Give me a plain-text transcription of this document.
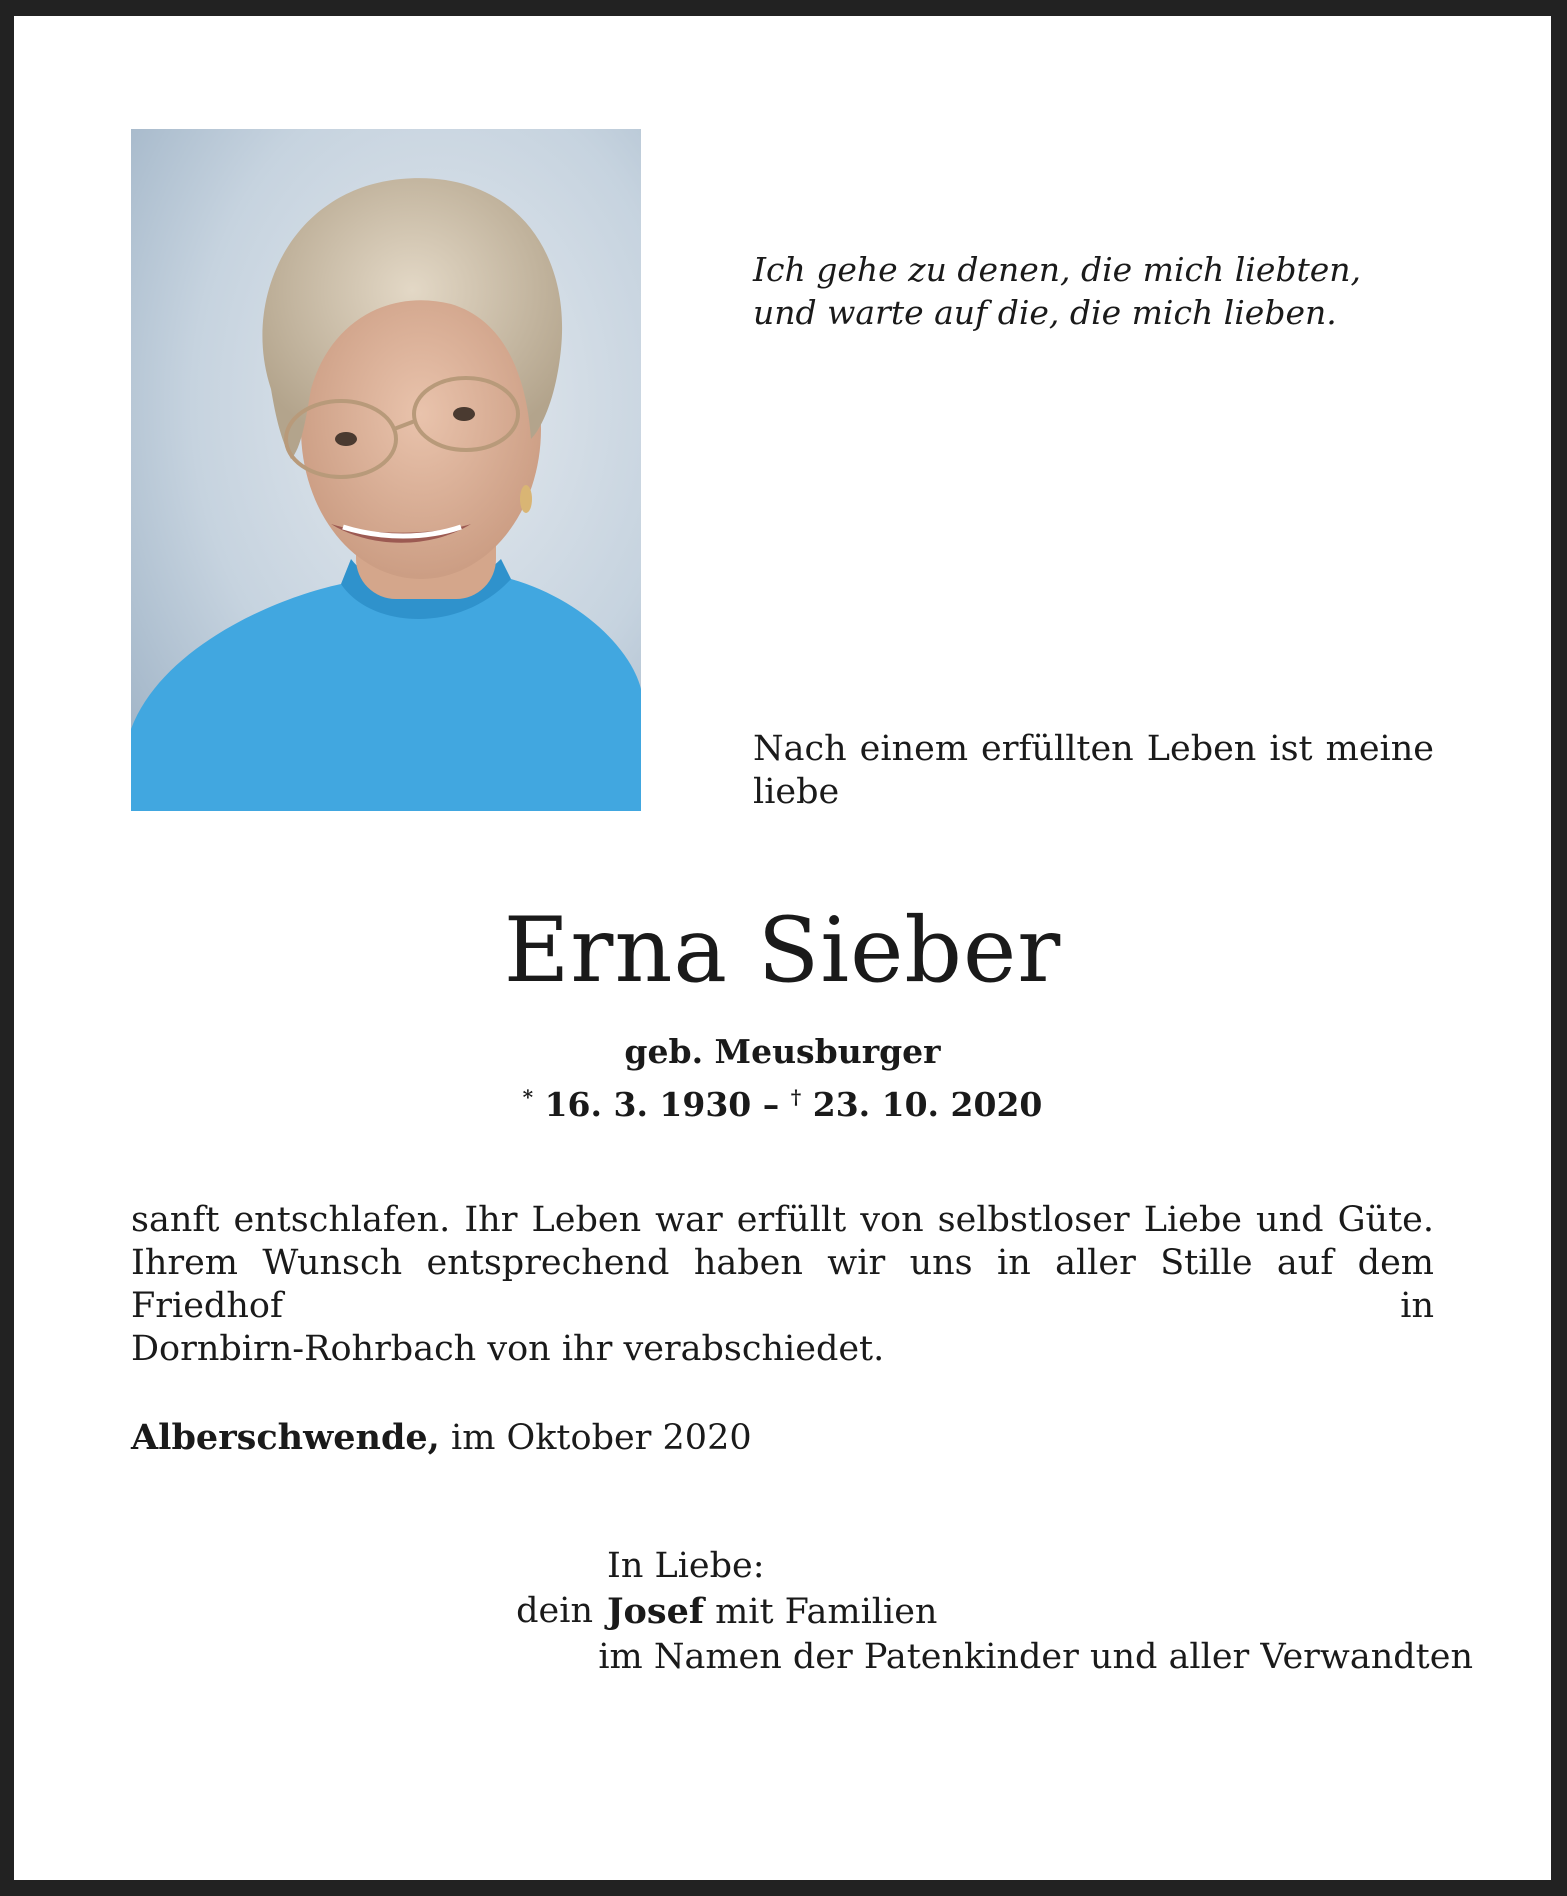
Ich gehe zu denen, die mich liebten,
und warte auf die, die mich lieben.
Nach einem erfüllten Leben ist meine
liebe
Erna Sieber
geb. Meusburger
* 16. 3. 1930 – † 23. 10. 2020
sanft entschlafen. Ihr Leben war erfüllt von selbstloser Liebe und Güte.
Ihrem Wunsch entsprechend haben wir uns in aller Stille auf dem Friedhof in
Dornbirn-Rohrbach von ihr verabschiedet.
Alberschwende, im Oktober 2020
In Liebe:
dein Josef mit Familien
im Namen der Patenkinder und aller Verwandten
